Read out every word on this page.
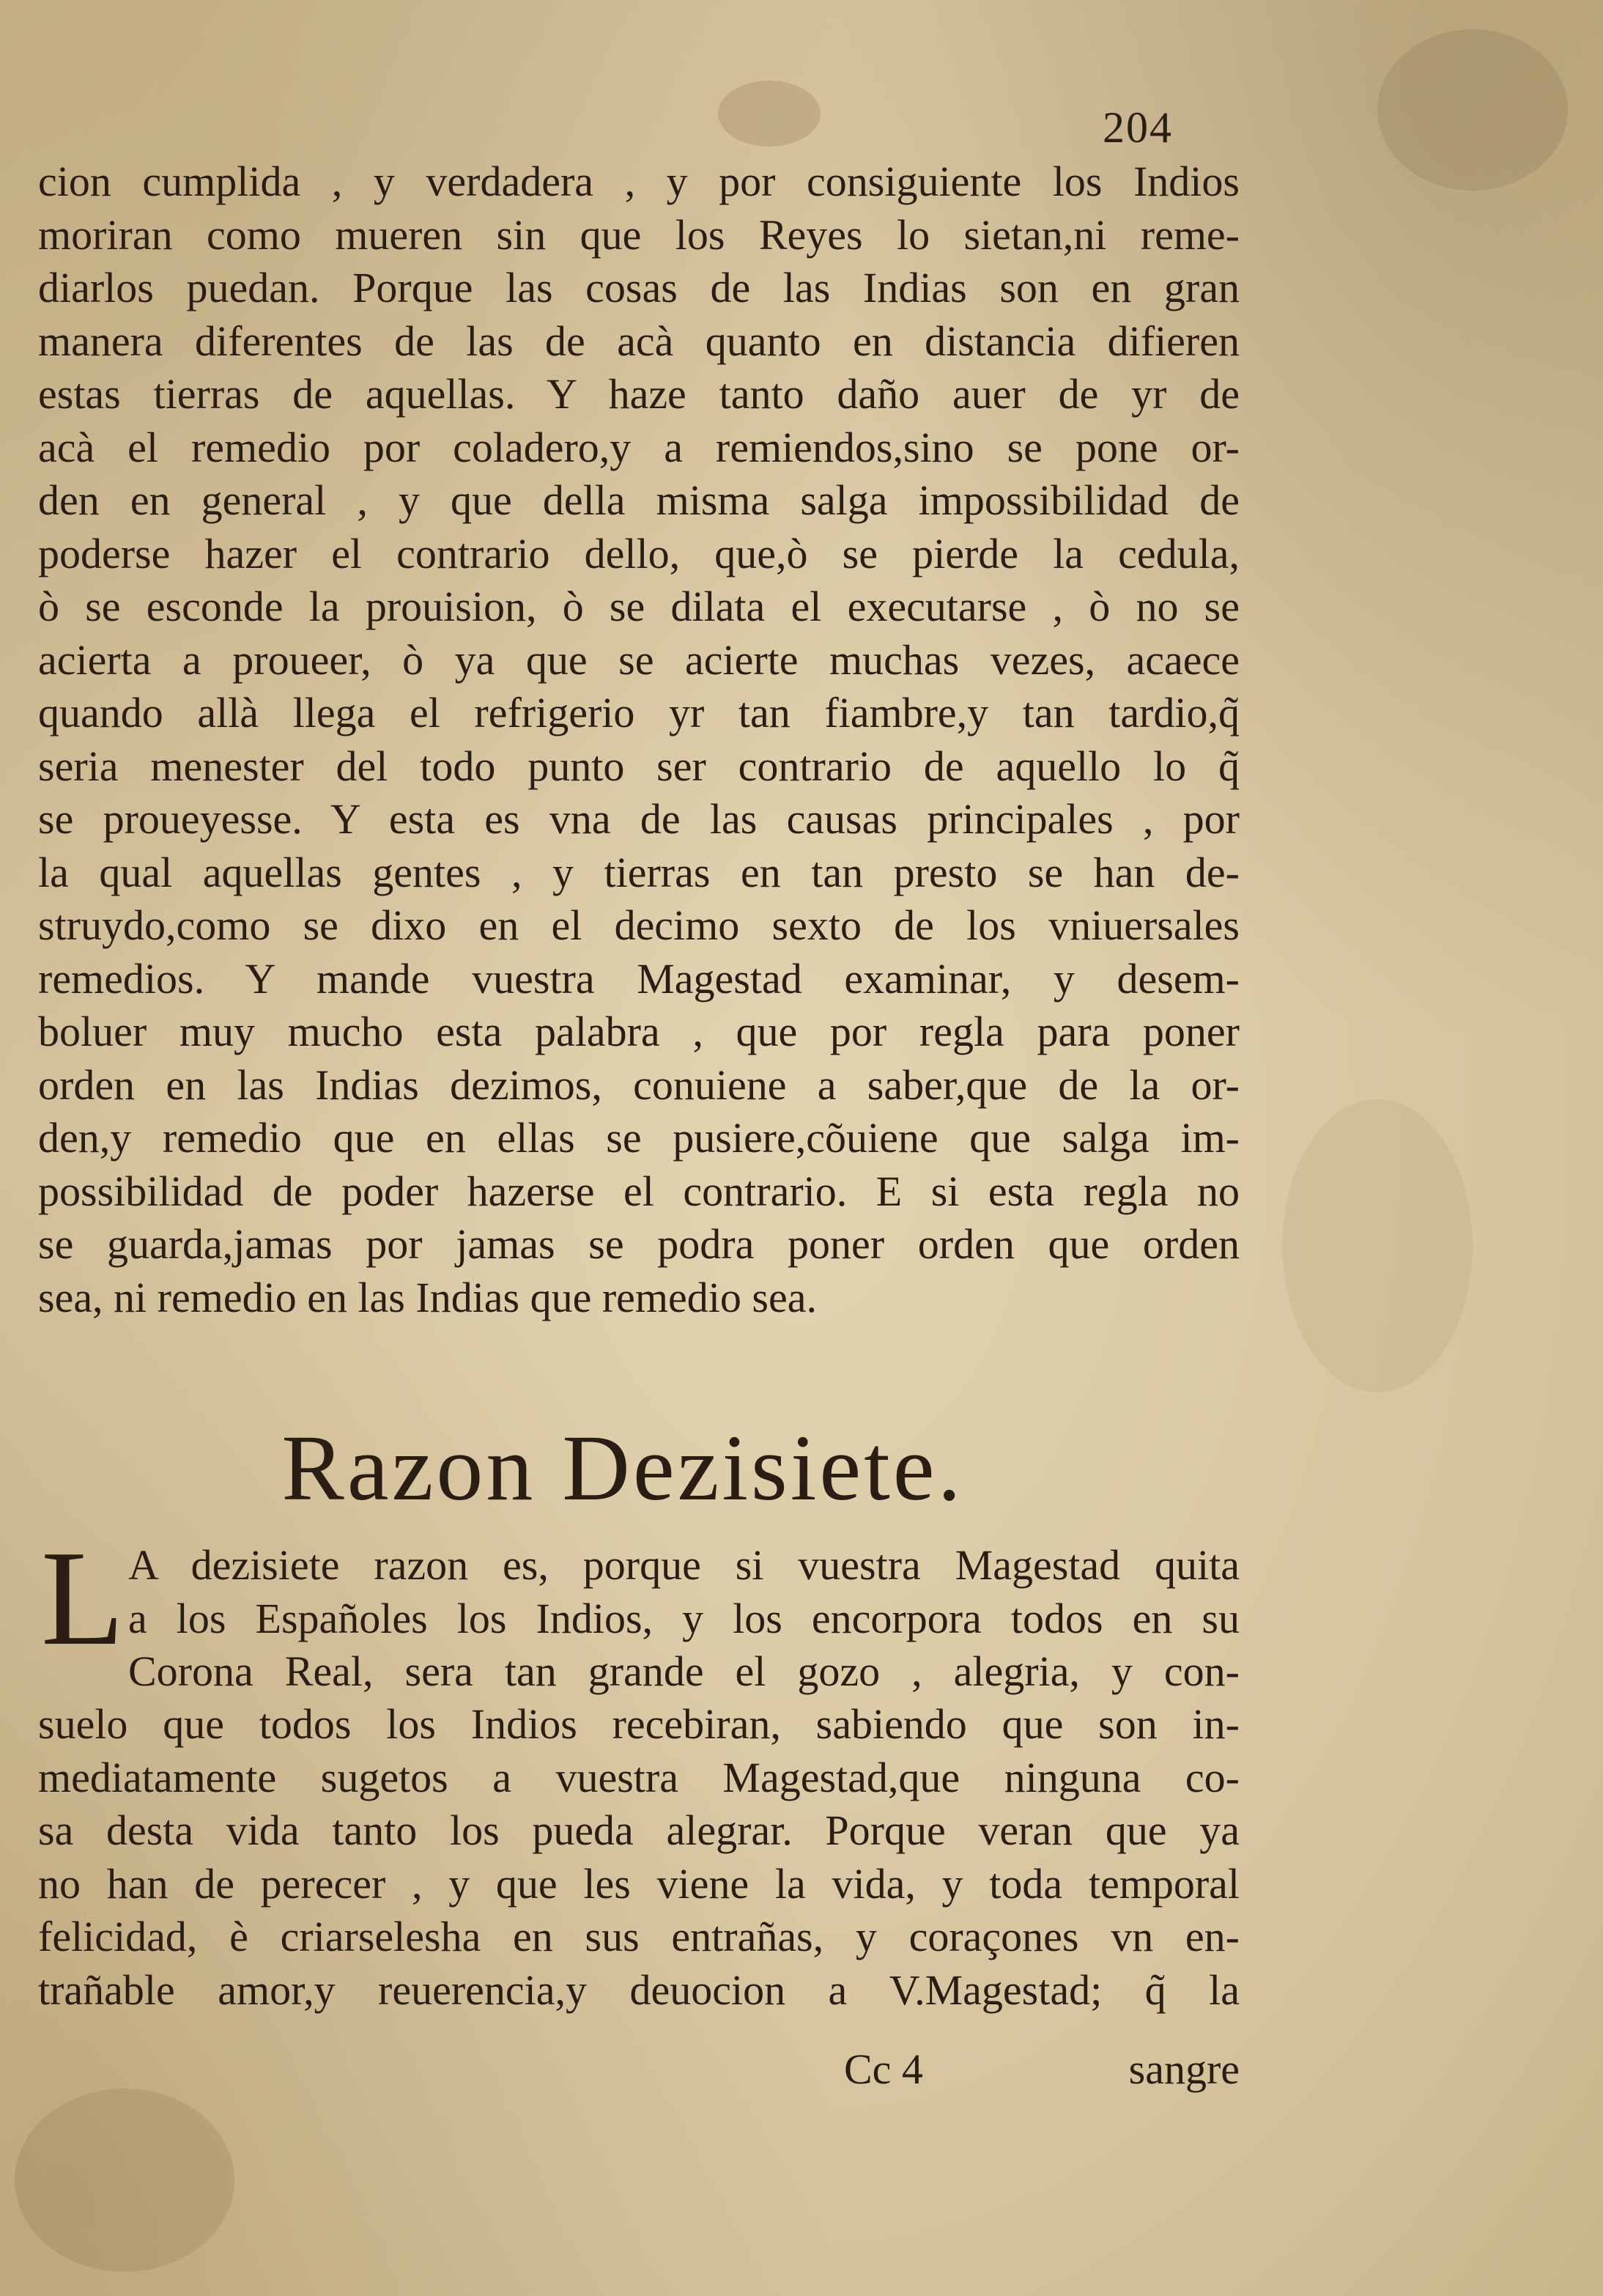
204
cion cumplida , y verdadera , y por consiguiente los Indios
moriran como mueren sin que los Reyes lo sietan,ni reme-
diarlos puedan. Porque las cosas de las Indias son en gran
manera diferentes de las de acà quanto en distancia difieren
estas tierras de aquellas. Y haze tanto daño auer de yr de
acà el remedio por coladero,y a remiendos,sino se pone or-
den en general , y que della misma salga impossibilidad de
poderse hazer el contrario dello, que,ò se pierde la cedula,
ò se esconde la prouision, ò se dilata el executarse , ò no se
acierta a proueer, ò ya que se acierte muchas vezes, acaece
quando allà llega el refrigerio yr tan fiambre,y tan tardio,q̃
seria menester del todo punto ser contrario de aquello lo q̃
se proueyesse. Y esta es vna de las causas principales , por
la qual aquellas gentes , y tierras en tan presto se han de-
struydo,como se dixo en el decimo sexto de los vniuersales
remedios. Y mande vuestra Magestad examinar, y desem-
boluer muy mucho esta palabra , que por regla para poner
orden en las Indias dezimos, conuiene a saber,que de la or-
den,y remedio que en ellas se pusiere,cõuiene que salga im-
possibilidad de poder hazerse el contrario. E si esta regla no
se guarda,jamas por jamas se podra poner orden que orden
sea, ni remedio en las Indias que remedio sea.
Razon Dezisiete.
L A dezisiete razon es, porque si vuestra Magestad quita
a los Españoles los Indios, y los encorpora todos en su
Corona Real, sera tan grande el gozo , alegria, y con-
suelo que todos los Indios recebiran, sabiendo que son in-
mediatamente sugetos a vuestra Magestad,que ninguna co-
sa desta vida tanto los pueda alegrar. Porque veran que ya
no han de perecer , y que les viene la vida, y toda temporal
felicidad, è criarselesha en sus entrañas, y coraçones vn en-
trañable amor,y reuerencia,y deuocion a V.Magestad; q̃ la
Cc 4	sangre
